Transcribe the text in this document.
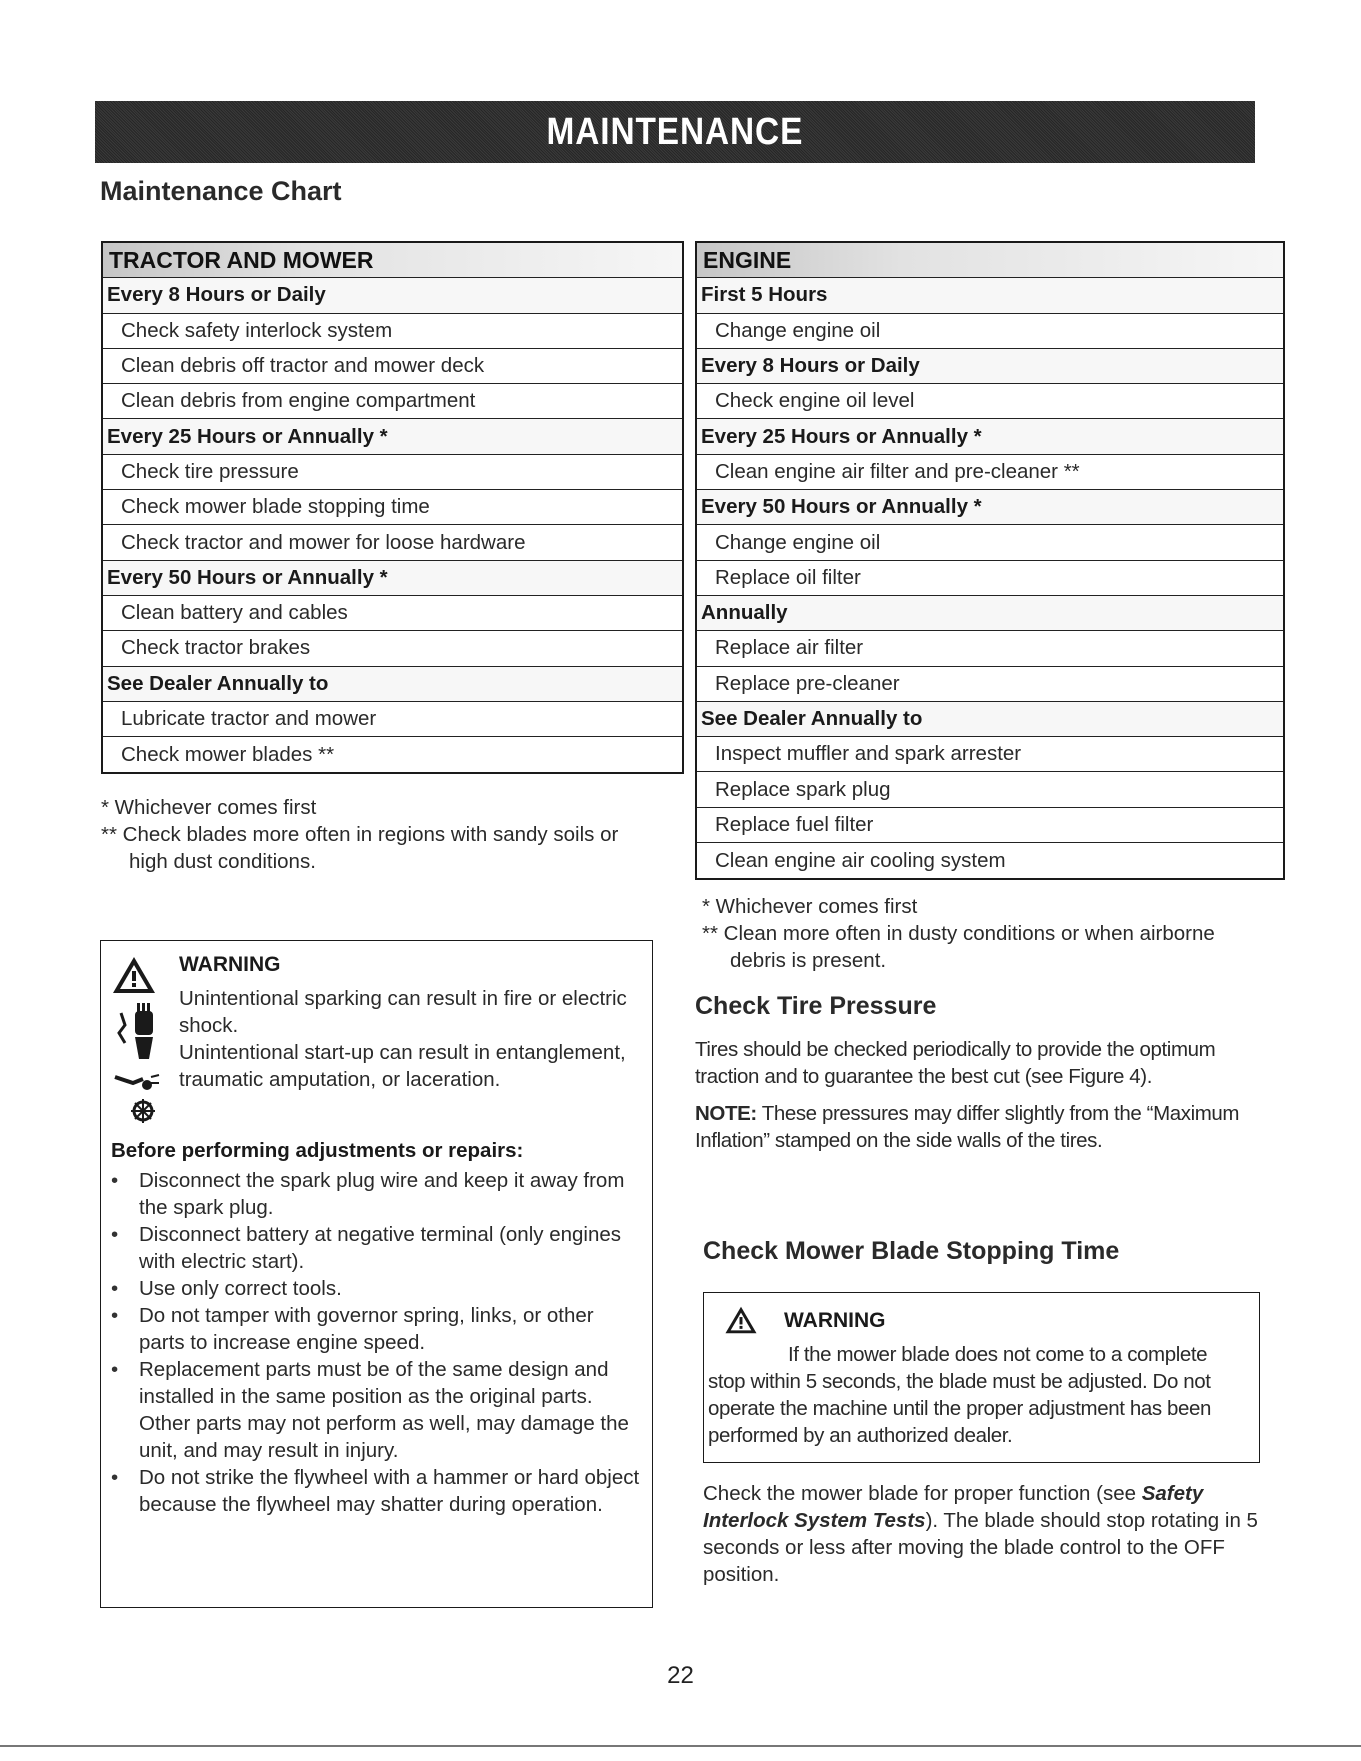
MAINTENANCE
Maintenance Chart
TRACTOR AND MOWER
Every 8 Hours or Daily
Check safety interlock system
Clean debris off tractor and mower deck
Clean debris from engine compartment
Every 25 Hours or Annually *
Check tire pressure
Check mower blade stopping time
Check tractor and mower for loose hardware
Every 50 Hours or Annually *
Clean battery and cables
Check tractor brakes
See Dealer Annually to
Lubricate tractor and mower
Check mower blades **
* Whichever comes first
** Check blades more often in regions with sandy soils or high dust conditions.
ENGINE
First 5 Hours
Change engine oil
Every 8 Hours or Daily
Check engine oil level
Every 25 Hours or Annually *
Clean engine air filter and pre-cleaner **
Every 50 Hours or Annually *
Change engine oil
Replace oil filter
Annually
Replace air filter
Replace pre-cleaner
See Dealer Annually to
Inspect muffler and spark arrester
Replace spark plug
Replace fuel filter
Clean engine air cooling system
* Whichever comes first
** Clean more often in dusty conditions or when airborne debris is present.
WARNING
Unintentional sparking can result in fire or electric shock.
Unintentional start-up can result in entanglement, traumatic amputation, or laceration.
Before performing adjustments or repairs:
• Disconnect the spark plug wire and keep it away from the spark plug.
• Disconnect battery at negative terminal (only engines with electric start).
• Use only correct tools.
• Do not tamper with governor spring, links, or other parts to increase engine speed.
• Replacement parts must be of the same design and installed in the same position as the original parts. Other parts may not perform as well, may damage the unit, and may result in injury.
• Do not strike the flywheel with a hammer or hard object because the flywheel may shatter during operation.
Check Tire Pressure
Tires should be checked periodically to provide the optimum traction and to guarantee the best cut (see Figure 4).
NOTE: These pressures may differ slightly from the “Maximum Inflation” stamped on the side walls of the tires.
Check Mower Blade Stopping Time
WARNING
If the mower blade does not come to a complete stop within 5 seconds, the blade must be adjusted. Do not operate the machine until the proper adjustment has been performed by an authorized dealer.
Check the mower blade for proper function (see Safety Interlock System Tests). The blade should stop rotating in 5 seconds or less after moving the blade control to the OFF position.
22
